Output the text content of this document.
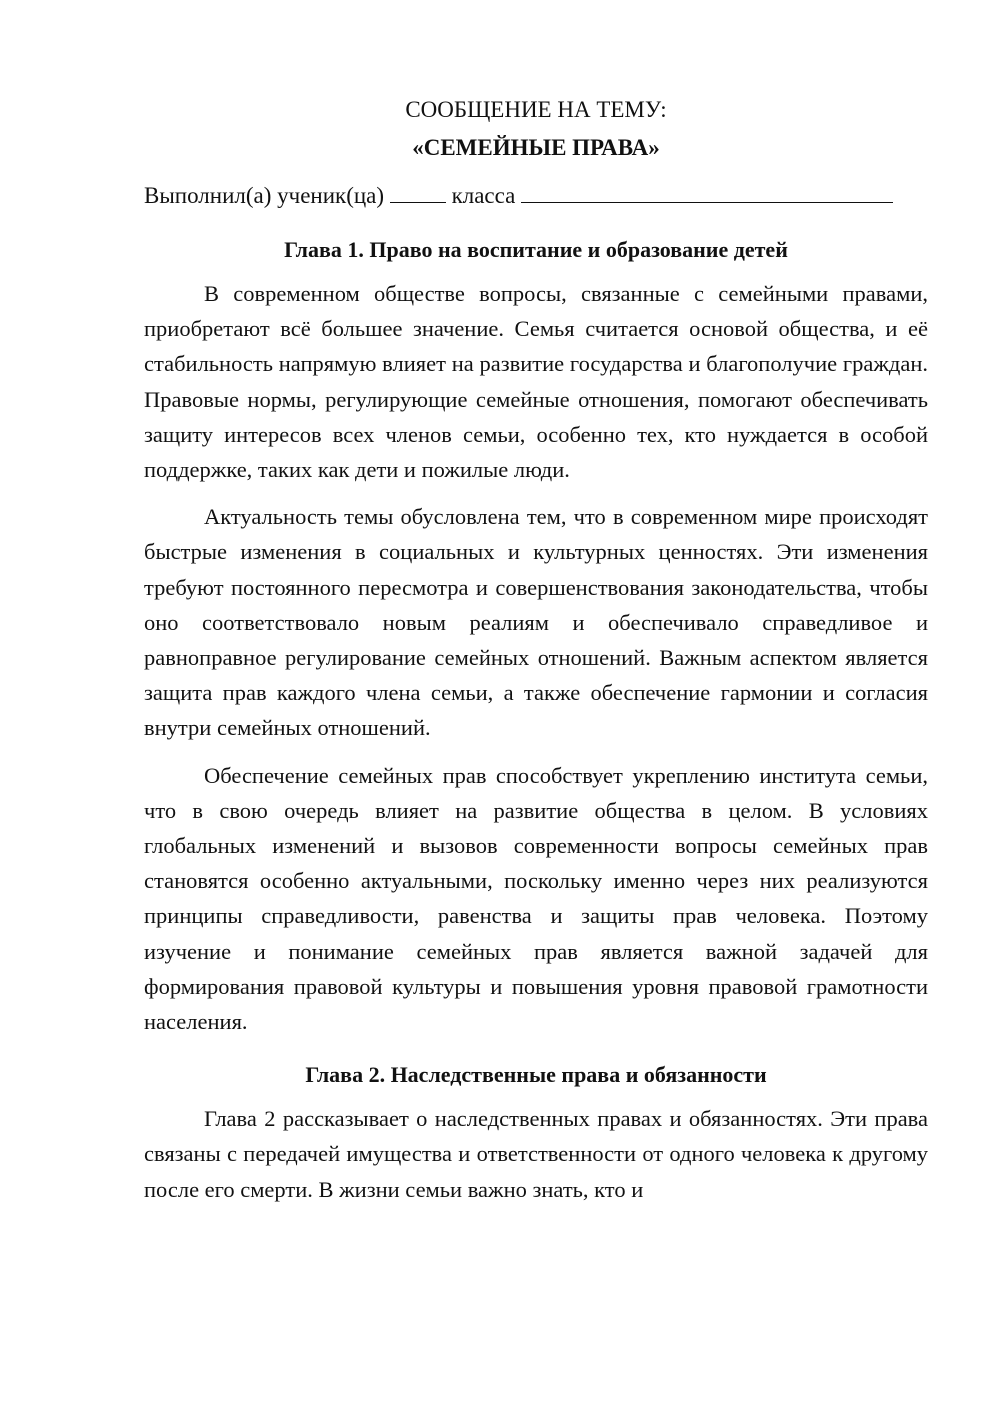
СООБЩЕНИЕ НА ТЕМУ:

«СЕМЕЙНЫЕ ПРАВА»

Выполнил(а) ученик(ца)	класса

Глава 1. Право на воспитание и образование детей

В современном обществе вопросы, связанные с семейными правами, приобретают всё большее значение. Семья считается основой общества, и её стабильность напрямую влияет на развитие государства и благополучие граждан. Правовые нормы, регулирующие семейные отношения, помогают обеспечивать защиту интересов всех членов семьи, особенно тех, кто нуждается в особой поддержке, таких как дети и пожилые люди.

Актуальность темы обусловлена тем, что в современном мире происходят быстрые изменения в социальных и культурных ценностях. Эти изменения требуют постоянного пересмотра и совершенствования законодательства, чтобы оно соответствовало новым реалиям и обеспечивало справедливое и равноправное регулирование семейных отношений. Важным аспектом является защита прав каждого члена семьи, а также обеспечение гармонии и согласия внутри семейных отношений.

Обеспечение семейных прав способствует укреплению института семьи, что в свою очередь влияет на развитие общества в целом. В условиях глобальных изменений и вызовов современности вопросы семейных прав становятся особенно актуальными, поскольку именно через них реализуются принципы справедливости, равенства и защиты прав человека. Поэтому изучение и понимание семейных прав является важной задачей для формирования правовой культуры и повышения уровня правовой грамотности населения.

Глава 2. Наследственные права и обязанности

Глава 2 рассказывает о наследственных правах и обязанностях. Эти права связаны с передачей имущества и ответственности от одного человека к другому после его смерти. В жизни семьи важно знать, кто и
